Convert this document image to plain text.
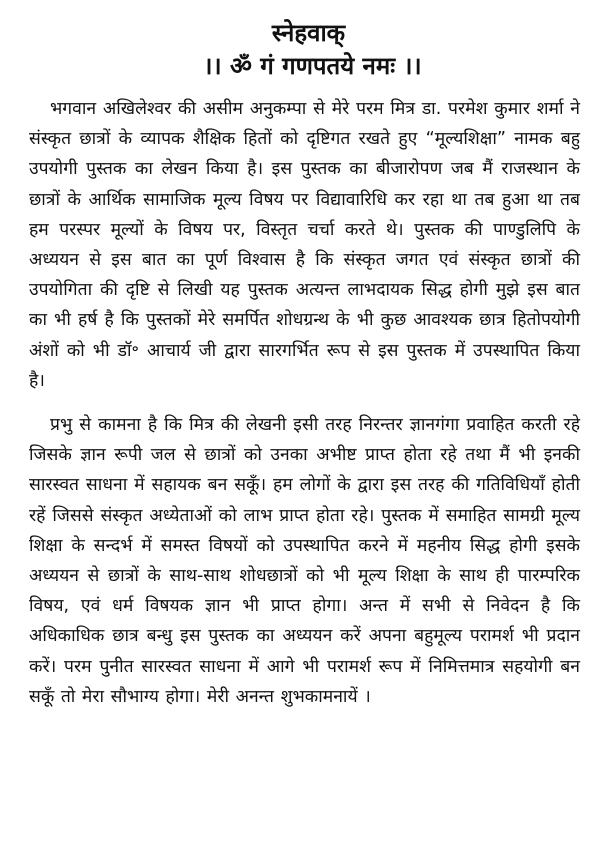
स्नेहवाक्
।। ॐ गं गणपतये नमः ।।

भगवान अखिलेश्वर की असीम अनुकम्पा से मेरे परम मित्र डा. परमेश कुमार शर्मा ने संस्कृत छात्रों के व्यापक शैक्षिक हितों को दृष्टिगत रखते हुए “मूल्यशिक्षा” नामक बहु उपयोगी पुस्तक का लेखन किया है। इस पुस्तक का बीजारोपण जब मैं राजस्थान के छात्रों के आर्थिक सामाजिक मूल्य विषय पर विद्यावारिधि कर रहा था तब हुआ था तब हम परस्पर मूल्यों के विषय पर, विस्तृत चर्चा करते थे। पुस्तक की पाण्डुलिपि के अध्ययन से इस बात का पूर्ण विश्वास है कि संस्कृत जगत एवं संस्कृत छात्रों की उपयोगिता की दृष्टि से लिखी यह पुस्तक अत्यन्त लाभदायक सिद्ध होगी मुझे इस बात का भी हर्ष है कि पुस्तकों मेरे समर्पित शोधग्रन्थ के भी कुछ आवश्यक छात्र हितोपयोगी अंशों को भी डॉ॰ आचार्य जी द्वारा सारगर्भित रूप से इस पुस्तक में उपस्थापित किया है।

प्रभु से कामना है कि मित्र की लेखनी इसी तरह निरन्तर ज्ञानगंगा प्रवाहित करती रहे जिसके ज्ञान रूपी जल से छात्रों को उनका अभीष्ट प्राप्त होता रहे तथा मैं भी इनकी सारस्वत साधना में सहायक बन सकूँ। हम लोगों के द्वारा इस तरह की गतिविधियाँ होती रहें जिससे संस्कृत अध्येताओं को लाभ प्राप्त होता रहे। पुस्तक में समाहित सामग्री मूल्य शिक्षा के सन्दर्भ में समस्त विषयों को उपस्थापित करने में महनीय सिद्ध होगी इसके अध्ययन से छात्रों के साथ-साथ शोधछात्रों को भी मूल्य शिक्षा के साथ ही पारम्परिक विषय, एवं धर्म विषयक ज्ञान भी प्राप्त होगा। अन्त में सभी से निवेदन है कि अधिकाधिक छात्र बन्धु इस पुस्तक का अध्ययन करें अपना बहुमूल्य परामर्श भी प्रदान करें। परम पुनीत सारस्वत साधना में आगे भी परामर्श रूप में निमित्तमात्र सहयोगी बन सकूँ तो मेरा सौभाग्य होगा। मेरी अनन्त शुभकामनायें ।
